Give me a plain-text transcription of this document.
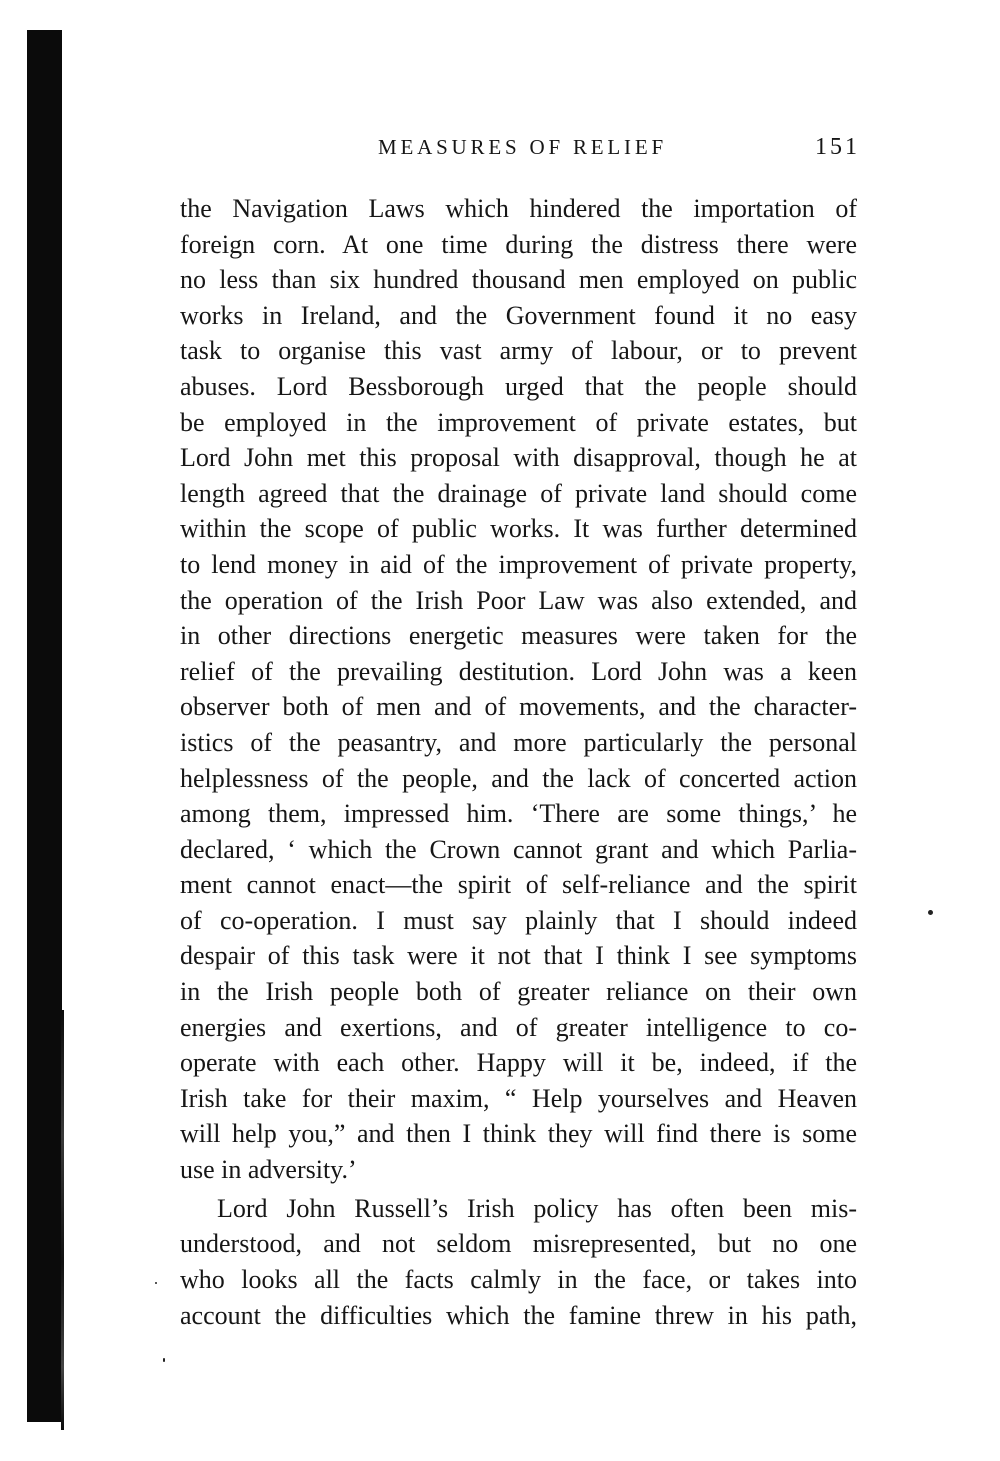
MEASURES OF RELIEF	151
the Navigation Laws which hindered the importation of
foreign corn. At one time during the distress there were
no less than six hundred thousand men employed on public
works in Ireland, and the Government found it no easy
task to organise this vast army of labour, or to prevent
abuses. Lord Bessborough urged that the people should
be employed in the improvement of private estates, but
Lord John met this proposal with disapproval, though he at
length agreed that the drainage of private land should come
within the scope of public works. It was further determined
to lend money in aid of the improvement of private property,
the operation of the Irish Poor Law was also extended, and
in other directions energetic measures were taken for the
relief of the prevailing destitution. Lord John was a keen
observer both of men and of movements, and the character-
istics of the peasantry, and more particularly the personal
helplessness of the people, and the lack of concerted action
among them, impressed him. ‘There are some things,’ he
declared, ‘ which the Crown cannot grant and which Parlia-
ment cannot enact—the spirit of self-reliance and the spirit
of co-operation. I must say plainly that I should indeed
despair of this task were it not that I think I see symptoms
in the Irish people both of greater reliance on their own
energies and exertions, and of greater intelligence to co-
operate with each other. Happy will it be, indeed, if the
Irish take for their maxim, “ Help yourselves and Heaven
will help you,” and then I think they will find there is some
use in adversity.’
Lord John Russell’s Irish policy has often been mis-
understood, and not seldom misrepresented, but no one
who looks all the facts calmly in the face, or takes into
account the difficulties which the famine threw in his path,
